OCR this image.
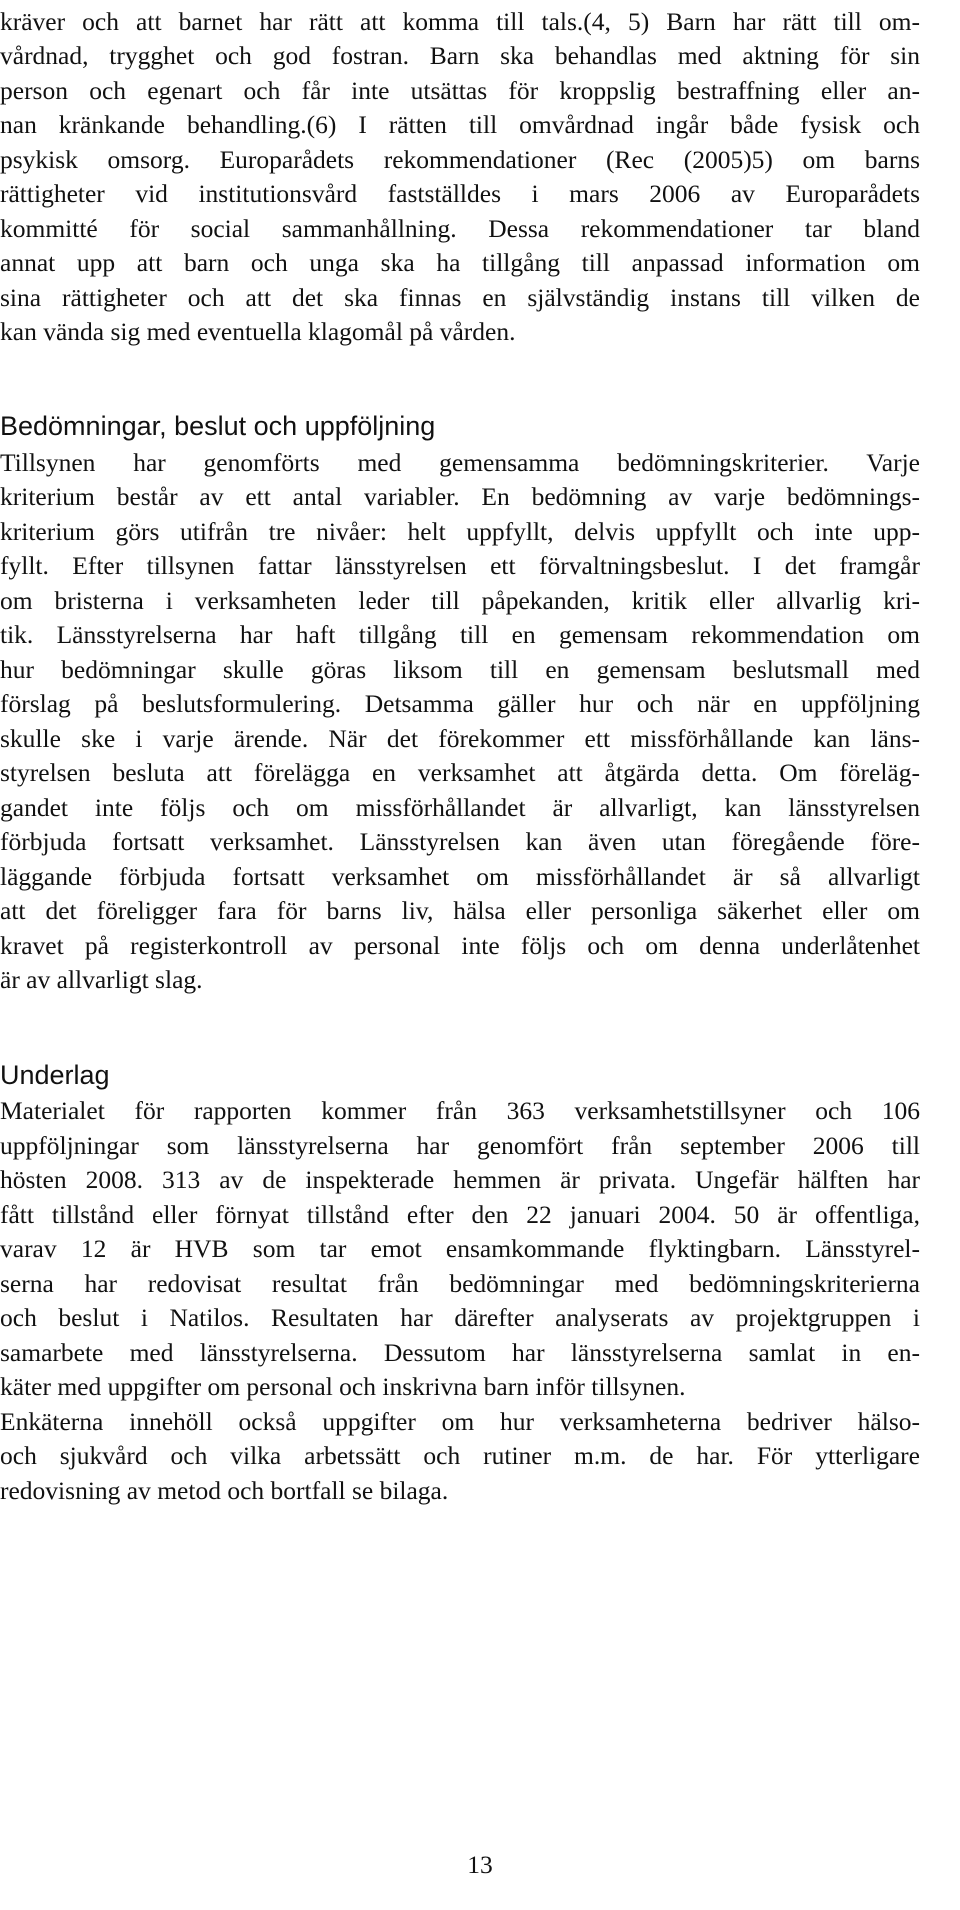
kräver och att barnet har rätt att komma till tals.(4, 5) Barn har rätt till om-
vårdnad, trygghet och god fostran. Barn ska behandlas med aktning för sin
person och egenart och får inte utsättas för kroppslig bestraffning eller an-
nan kränkande behandling.(6) I rätten till omvårdnad ingår både fysisk och
psykisk omsorg. Europarådets rekommendationer (Rec (2005)5) om barns
rättigheter vid institutionsvård fastställdes i mars 2006 av Europarådets
kommitté för social sammanhållning. Dessa rekommendationer tar bland
annat upp att barn och unga ska ha tillgång till anpassad information om
sina rättigheter och att det ska finnas en självständig instans till vilken de
kan vända sig med eventuella klagomål på vården.
Bedömningar, beslut och uppföljning
Tillsynen har genomförts med gemensamma bedömningskriterier. Varje
kriterium består av ett antal variabler. En bedömning av varje bedömnings-
kriterium görs utifrån tre nivåer: helt uppfyllt, delvis uppfyllt och inte upp-
fyllt. Efter tillsynen fattar länsstyrelsen ett förvaltningsbeslut. I det framgår
om bristerna i verksamheten leder till påpekanden, kritik eller allvarlig kri-
tik. Länsstyrelserna har haft tillgång till en gemensam rekommendation om
hur bedömningar skulle göras liksom till en gemensam beslutsmall med
förslag på beslutsformulering. Detsamma gäller hur och när en uppföljning
skulle ske i varje ärende. När det förekommer ett missförhållande kan läns-
styrelsen besluta att förelägga en verksamhet att åtgärda detta. Om föreläg-
gandet inte följs och om missförhållandet är allvarligt, kan länsstyrelsen
förbjuda fortsatt verksamhet. Länsstyrelsen kan även utan föregående före-
läggande förbjuda fortsatt verksamhet om missförhållandet är så allvarligt
att det föreligger fara för barns liv, hälsa eller personliga säkerhet eller om
kravet på registerkontroll av personal inte följs och om denna underlåtenhet
är av allvarligt slag.
Underlag
Materialet för rapporten kommer från 363 verksamhetstillsyner och 106
uppföljningar som länsstyrelserna har genomfört från september 2006 till
hösten 2008. 313 av de inspekterade hemmen är privata. Ungefär hälften har
fått tillstånd eller förnyat tillstånd efter den 22 januari 2004. 50 är offentliga,
varav 12 är HVB som tar emot ensamkommande flyktingbarn. Länsstyrel-
serna har redovisat resultat från bedömningar med bedömningskriterierna
och beslut i Natilos. Resultaten har därefter analyserats av projektgruppen i
samarbete med länsstyrelserna. Dessutom har länsstyrelserna samlat in en-
käter med uppgifter om personal och inskrivna barn inför tillsynen.
Enkäterna innehöll också uppgifter om hur verksamheterna bedriver hälso-
och sjukvård och vilka arbetssätt och rutiner m.m. de har. För ytterligare
redovisning av metod och bortfall se bilaga.
13
